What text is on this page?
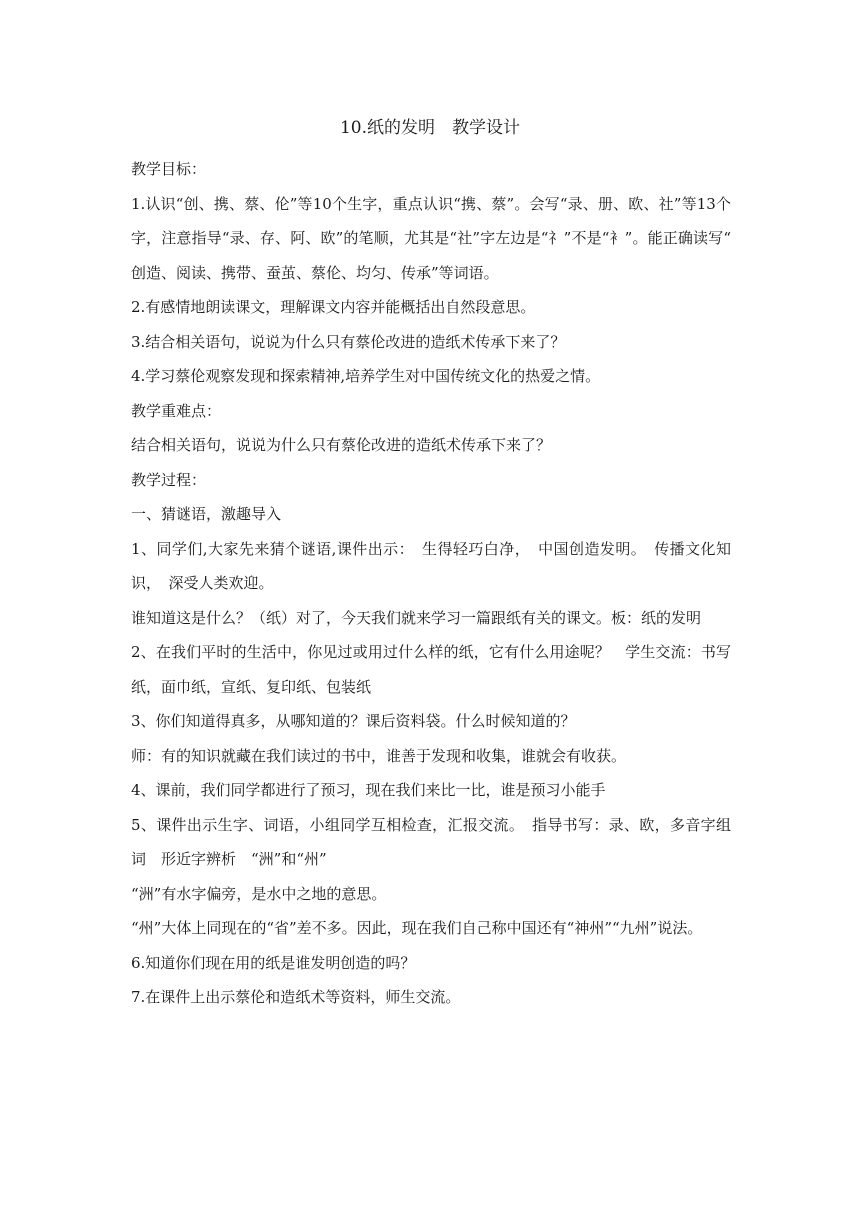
10.纸的发明　教学设计

教学目标：

1.认识“创、携、蔡、伦”等10个生字，重点认识“携、蔡”。会写“录、册、欧、社”等13个字，注意指导“录、存、阿、欧”的笔顺，尤其是“社”字左边是“礻”不是“衤”。能正确读写“　创造、阅读、携带、蚕茧、蔡伦、均匀、传承”等词语。

2.有感情地朗读课文，理解课文内容并能概括出自然段意思。

3.结合相关语句，说说为什么只有蔡伦改进的造纸术传承下来了？

4.学习蔡伦观察发现和探索精神,培养学生对中国传统文化的热爱之情。

教学重难点：

结合相关语句，说说为什么只有蔡伦改进的造纸术传承下来了？

教学过程：

一、猜谜语，激趣导入

1、同学们,大家先来猜个谜语,课件出示：　生得轻巧白净，　中国创造发明。　传播文化知识，　深受人类欢迎。

谁知道这是什么？（纸）对了，今天我们就来学习一篇跟纸有关的课文。板：纸的发明

2、在我们平时的生活中，你见过或用过什么样的纸，它有什么用途呢？　学生交流：书写纸，面巾纸，宣纸、复印纸、包装纸

3、你们知道得真多，从哪知道的？课后资料袋。什么时候知道的？

师：有的知识就藏在我们读过的书中，谁善于发现和收集，谁就会有收获。

4、课前，我们同学都进行了预习，现在我们来比一比，谁是预习小能手

5、课件出示生字、词语，小组同学互相检查，汇报交流。　指导书写：录、欧，多音字组词　形近字辨析　“洲”和“州”

“洲”有水字偏旁，是水中之地的意思。

“州”大体上同现在的“省”差不多。因此，现在我们自己称中国还有“神州”“九州”说法。

6.知道你们现在用的纸是谁发明创造的吗？

7.在课件上出示蔡伦和造纸术等资料，师生交流。
